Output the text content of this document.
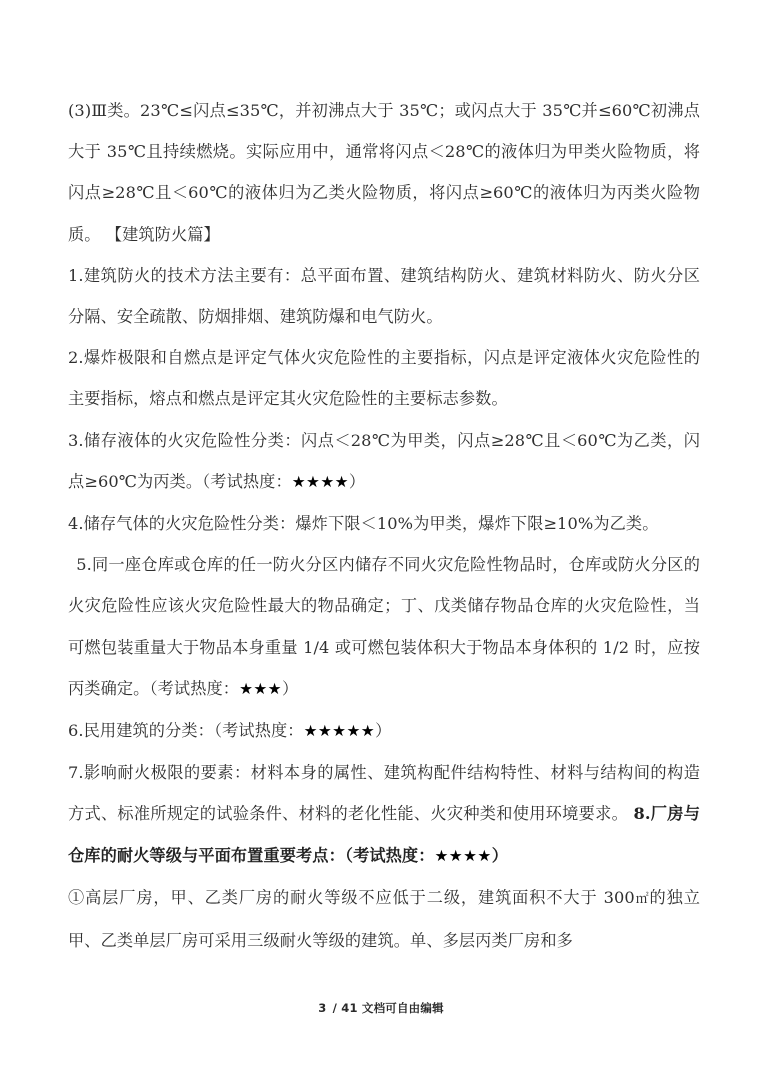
(3)Ⅲ类。23℃≤闪点≤35℃，并初沸点大于 35℃；或闪点大于 35℃并≤60℃初沸点大于 35℃且持续燃烧。实际应用中，通常将闪点＜28℃的液体归为甲类火险物质，将闪点≥28℃且＜60℃的液体归为乙类火险物质，将闪点≥60℃的液体归为丙类火险物质。 【建筑防火篇】

1.建筑防火的技术方法主要有：总平面布置、建筑结构防火、建筑材料防火、防火分区分隔、安全疏散、防烟排烟、建筑防爆和电气防火。

2.爆炸极限和自燃点是评定气体火灾危险性的主要指标，闪点是评定液体火灾危险性的主要指标，熔点和燃点是评定其火灾危险性的主要标志参数。

3.储存液体的火灾危险性分类：闪点＜28℃为甲类，闪点≥28℃且＜60℃为乙类，闪点≥60℃为丙类。（考试热度：★★★★）

4.储存气体的火灾危险性分类：爆炸下限＜10%为甲类，爆炸下限≥10%为乙类。

5.同一座仓库或仓库的任一防火分区内储存不同火灾危险性物品时，仓库或防火分区的火灾危险性应该火灾危险性最大的物品确定；丁、戊类储存物品仓库的火灾危险性，当可燃包装重量大于物品本身重量 1/4 或可燃包装体积大于物品本身体积的 1/2 时，应按丙类确定。（考试热度：★★★）

6.民用建筑的分类：（考试热度：★★★★★）

7.影响耐火极限的要素：材料本身的属性、建筑构配件结构特性、材料与结构间的构造方式、标准所规定的试验条件、材料的老化性能、火灾种类和使用环境要求。 8.厂房与仓库的耐火等级与平面布置重要考点：（考试热度：★★★★）

①高层厂房，甲、乙类厂房的耐火等级不应低于二级，建筑面积不大于 300㎡的独立甲、乙类单层厂房可采用三级耐火等级的建筑。单、多层丙类厂房和多

3 / 41 文档可自由编辑
